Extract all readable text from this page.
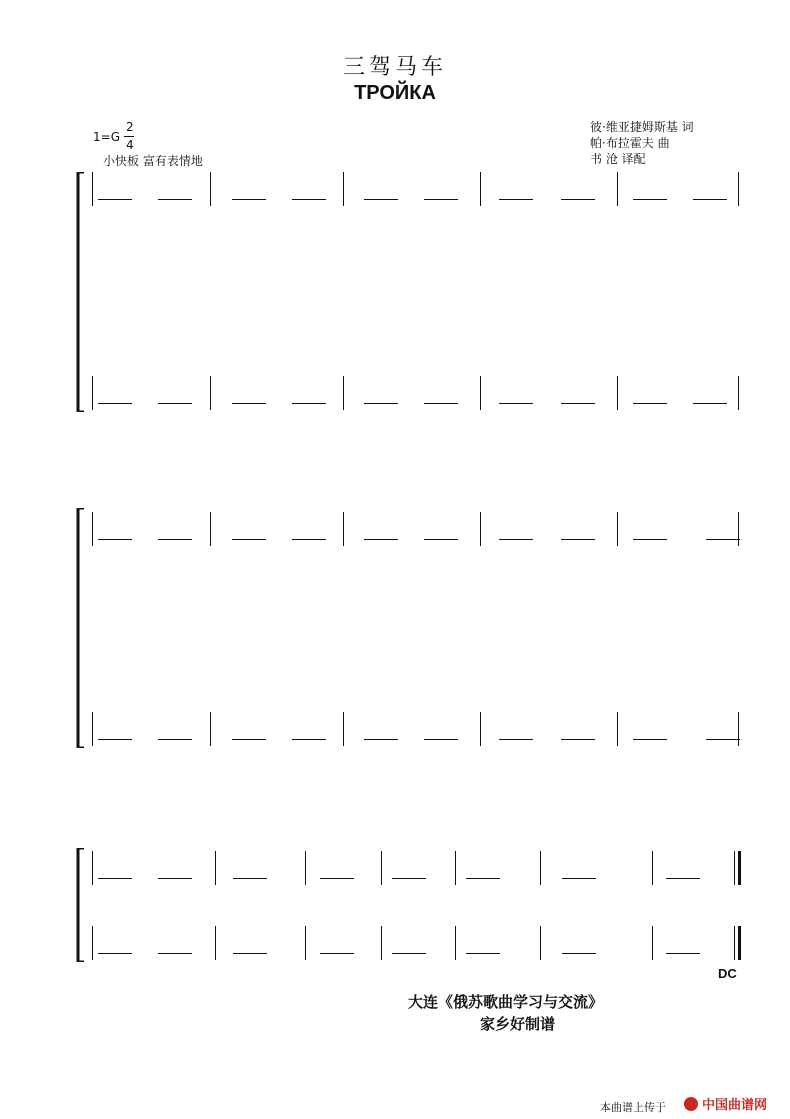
三驾马车
ТРОЙКА
1=G
2
4
小快板 富有表情地
彼·维亚捷姆斯基 词
帕·布拉霍夫 曲
书 沧 译配
DC
大连《俄苏歌曲学习与交流》
家乡好制谱
本曲谱上传于	中国曲谱网
